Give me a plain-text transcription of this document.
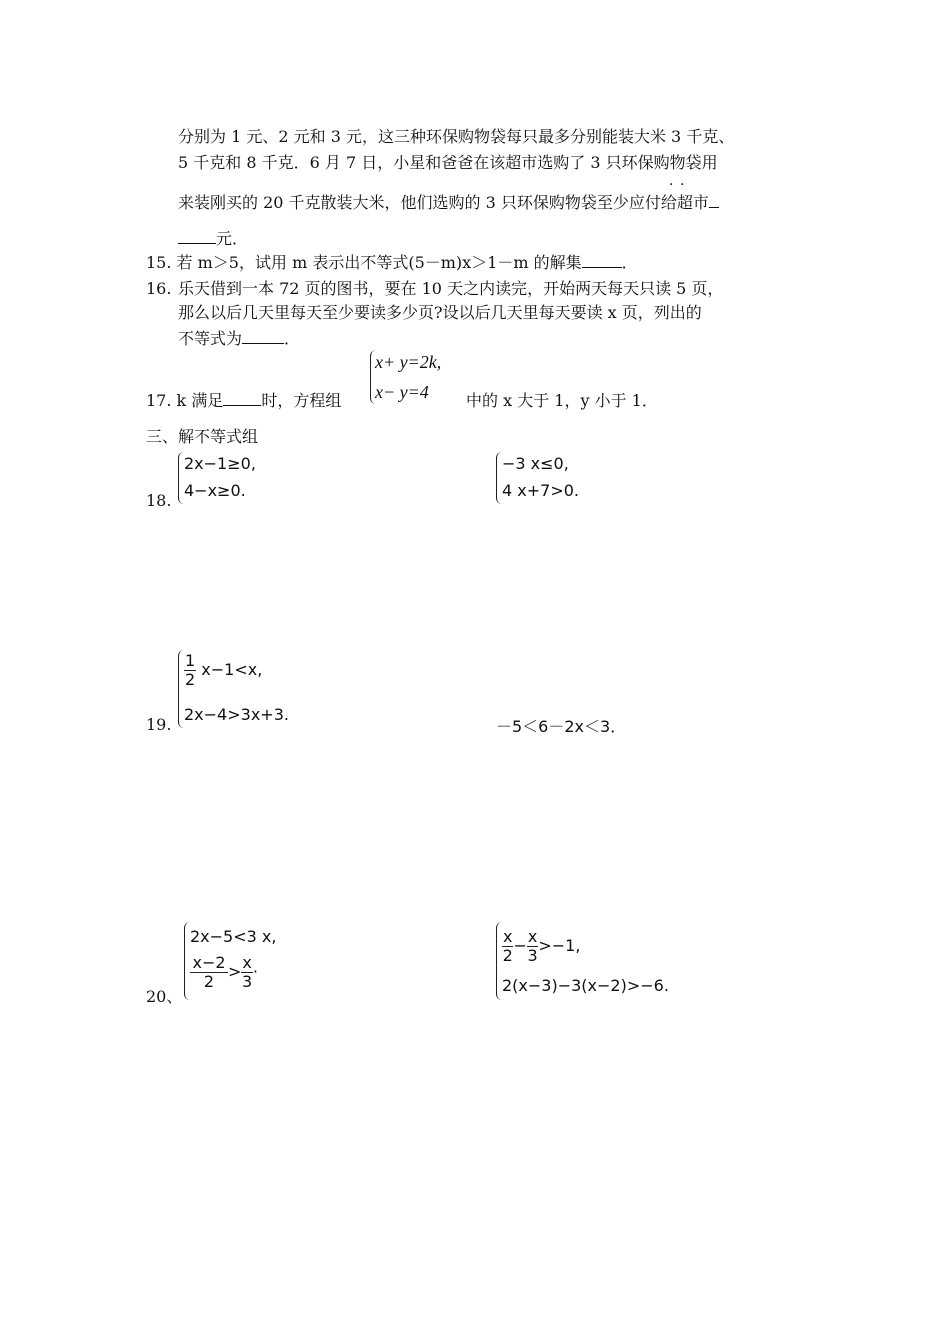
分别为 1 元、2 元和 3 元，这三种环保购物袋每只最多分别能装大米 3 千克、
5 千克和 8 千克．6 月 7 日，小星和爸爸在该超市选购了 3 只环保购物袋用
．．
来装刚买的 20 千克散装大米，他们选购的 3 只环保购物袋至少应付给超市
元．
15. 若 m＞5，试用 m 表示出不等式(5－m)x＞1－m 的解集	．
16. 乐天借到一本 72 页的图书，要在 10 天之内读完，开始两天每天只读 5 页，
那么以后几天里每天至少要读多少页?设以后几天里每天要读 x 页，列出的
不等式为	．
17. k 满足 时，方程组
x+ y=2k,
x− y=4 中的 x 大于 1，y 小于 1．
三、解不等式组
18.
2x−1≥0,
4−x≥0.
−3 x≤0,
4 x+7>0.
19.
$\frac{1}{2} x-1<x$,
2x−4>3x+3.
－5＜6－2x＜3．
20、
2x−5<3 x,
$\frac{x-2}{2} > \frac{x}{3}$ ·
$\frac{x}{2} - \frac{x}{3} >-1$,
2(x−3)−3(x−2)>−6.
